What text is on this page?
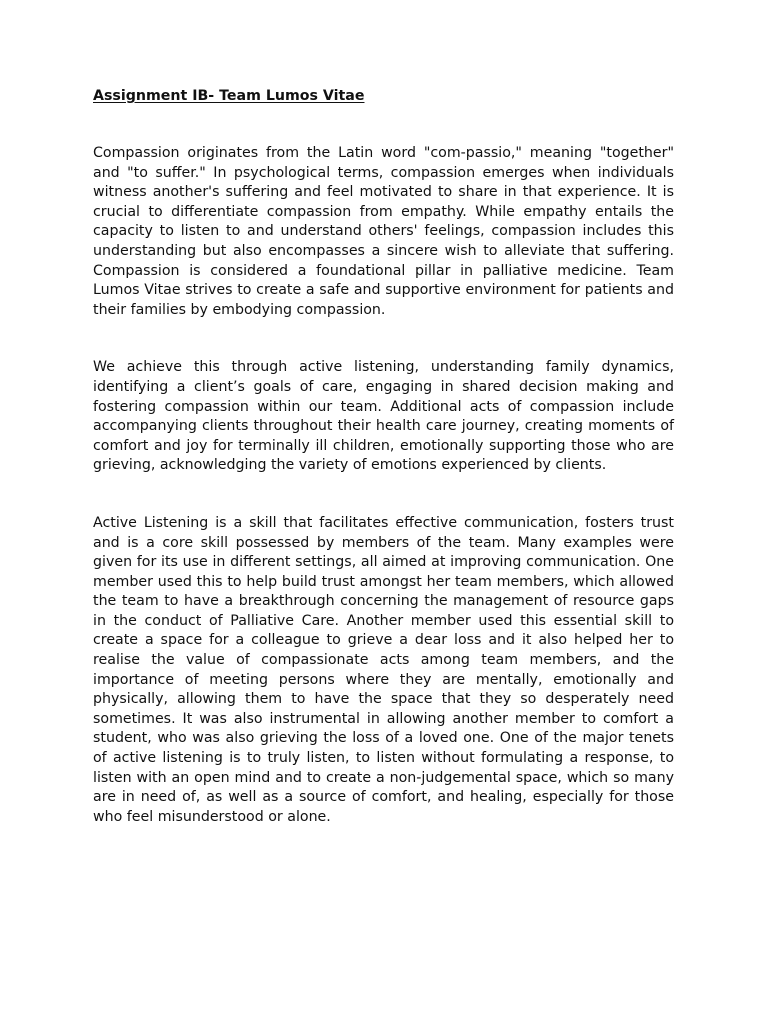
Assignment IB- Team Lumos Vitae

Compassion originates from the Latin word "com-passio," meaning "together" and "to suffer." In psychological terms, compassion emerges when individuals witness another's suffering and feel motivated to share in that experience. It is crucial to differentiate compassion from empathy. While empathy entails the capacity to listen to and understand others' feelings, compassion includes this understanding but also encompasses a sincere wish to alleviate that suffering. Compassion is considered a foundational pillar in palliative medicine. Team Lumos Vitae strives to create a safe and supportive environment for patients and their families by embodying compassion.

We achieve this through active listening, understanding family dynamics, identifying a client’s goals of care, engaging in shared decision making and fostering compassion within our team. Additional acts of compassion include accompanying clients throughout their health care journey, creating moments of comfort and joy for terminally ill children, emotionally supporting those who are grieving, acknowledging the variety of emotions experienced by clients.

Active Listening is a skill that facilitates effective communication, fosters trust and is a core skill possessed by members of the team. Many examples were given for its use in different settings, all aimed at improving communication. One member used this to help build trust amongst her team members, which allowed the team to have a breakthrough concerning the management of resource gaps in the conduct of Palliative Care. Another member used this essential skill to create a space for a colleague to grieve a dear loss and it also helped her to realise the value of compassionate acts among team members, and the importance of meeting persons where they are mentally, emotionally and physically, allowing them to have the space that they so desperately need sometimes. It was also instrumental in allowing another member to comfort a student, who was also grieving the loss of a loved one. One of the major tenets of active listening is to truly listen, to listen without formulating a response, to listen with an open mind and to create a non-judgemental space, which so many are in need of, as well as a source of comfort, and healing, especially for those who feel misunderstood or alone.
